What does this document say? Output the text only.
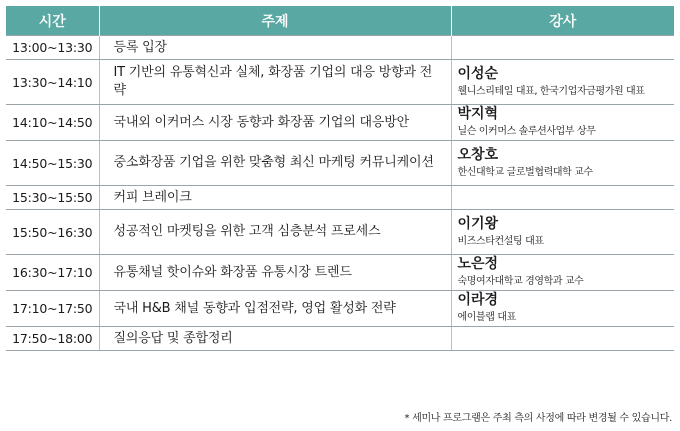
시간	주제	강사
13:00~13:30	등록 입장	
13:30~14:10	IT 기반의 유통혁신과 실체, 화장품 기업의 대응 방향과 전략	이성순
웰니스리테일 대표, 한국기업자금평가원 대표

14:10~14:50	국내외 이커머스 시장 동향과 화장품 기업의 대응방안	박지혁
닐슨 이커머스 솔루션사업부 상무

14:50~15:30	중소화장품 기업을 위한 맞춤형 최신 마케팅 커뮤니케이션	오창호
한신대학교 글로벌협력대학 교수

15:30~15:50	커피 브레이크	
15:50~16:30	성공적인 마켓팅을 위한 고객 심층분석 프로세스	이기왕
비즈스타컨설팅 대표

16:30~17:10	유통채널 핫이슈와 화장품 유통시장 트렌드	노은정
숙명여자대학교 경영학과 교수

17:10~17:50	국내 H&B 채널 동향과 입점전략, 영업 활성화 전략	이라경
에이블랩 대표

17:50~18:00	질의응답 및 종합정리	
* 세미나 프로그램은 주최 측의 사정에 따라 변경될 수 있습니다.
